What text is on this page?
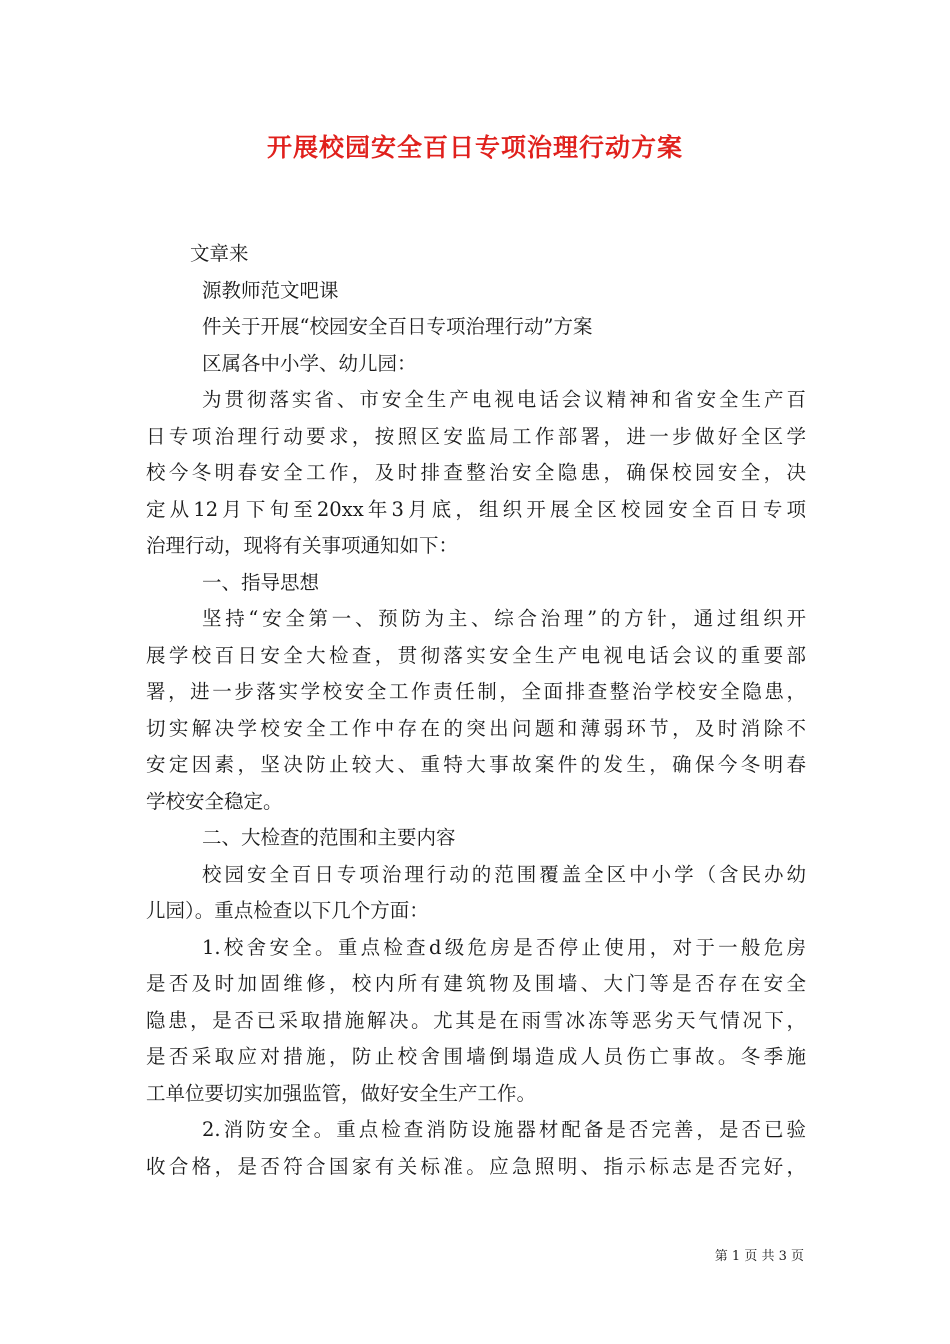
开展校园安全百日专项治理行动方案
文章来
源教师范文吧课
件关于开展“校园安全百日专项治理行动”方案
区属各中小学、幼儿园：
为贯彻落实省、市安全生产电视电话会议精神和省安全生产百
日专项治理行动要求，按照区安监局工作部署，进一步做好全区学
校今冬明春安全工作，及时排查整治安全隐患，确保校园安全，决
定从12月下旬至20xx年3月底，组织开展全区校园安全百日专项
治理行动，现将有关事项通知如下：
一、指导思想
坚持“安全第一、预防为主、综合治理”的方针，通过组织开
展学校百日安全大检查，贯彻落实安全生产电视电话会议的重要部
署，进一步落实学校安全工作责任制，全面排查整治学校安全隐患，
切实解决学校安全工作中存在的突出问题和薄弱环节，及时消除不
安定因素，坚决防止较大、重特大事故案件的发生，确保今冬明春
学校安全稳定。
二、大检查的范围和主要内容
校园安全百日专项治理行动的范围覆盖全区中小学（含民办幼
儿园）。重点检查以下几个方面：
1.校舍安全。重点检查d级危房是否停止使用，对于一般危房
是否及时加固维修，校内所有建筑物及围墙、大门等是否存在安全
隐患，是否已采取措施解决。尤其是在雨雪冰冻等恶劣天气情况下，
是否采取应对措施，防止校舍围墙倒塌造成人员伤亡事故。冬季施
工单位要切实加强监管，做好安全生产工作。
2.消防安全。重点检查消防设施器材配备是否完善，是否已验
收合格，是否符合国家有关标准。应急照明、指示标志是否完好，
第 1 页 共 3 页
